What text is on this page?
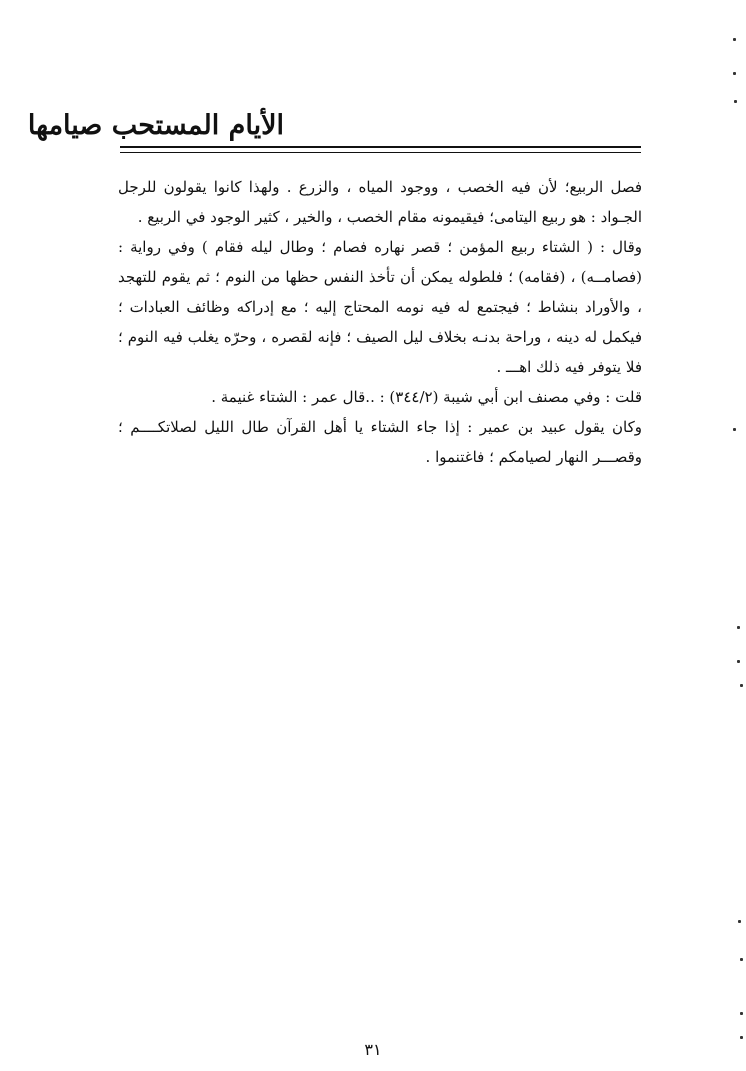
الأيام المستحب صيامها

فصل الربيع؛ لأن فيه الخصب ، ووجود المياه ، والزرع . ولهذا كانوا يقولون للرجل الجـواد : هو ربيع اليتامى؛ فيقيمونه مقام الخصب ، والخير ، كثير الوجود في الربيع .

وقال : ( الشتاء ربيع المؤمن ؛ قصر نهاره فصام ؛ وطال ليله فقام ) وفي رواية : (فصامــه) ، (فقامه) ؛ فلطوله يمكن أن تأخذ النفس حظها من النوم ؛ ثم يقوم للتهجد ، والأوراد بنشاط ؛ فيجتمع له فيه نومه المحتاج إليه ؛ مع إدراكه وظائف العبادات ؛ فيكمل له دينه ، وراحة بدنـه بخلاف ليل الصيف ؛ فإنه لقصره ، وحرّه يغلب فيه النوم ؛ فلا يتوفر فيه ذلك اهـــ .

قلت : وفي مصنف ابن أبي شيبة (٣٤٤/٢) : ..قال عمر : الشتاء غنيمة .

وكان يقول عبيد بن عمير : إذا جاء الشتاء يا أهل القرآن طال الليل لصلاتكــــم ؛ وقصـــر النهار لصيامكم ؛ فاغتنموا .

٣١
